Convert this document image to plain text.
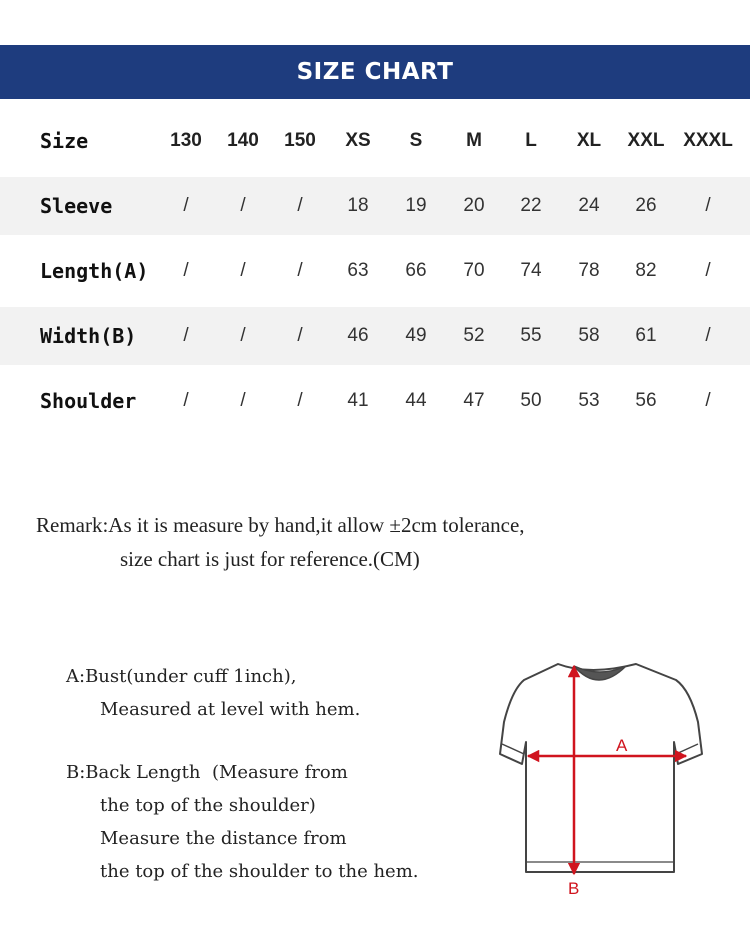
SIZE CHART
Size	130	140	150	XS	S	M	L	XL	XXL XXXL
Sleeve	/	/	/	18	19	20	22	24	26	/
Length(A)	/	/	/	63	66	70	74	78	82	/
Width(B)	/	/	/	46	49	52	55	58	61	/
Shoulder	/	/	/	41	44	47	50	53	56	/
Remark:As it is measure by hand,it allow ±2cm tolerance,
size chart is just for reference.(CM)
A:Bust(under cuff 1inch),
Measured at level with hem.
B:Back Length  (Measure from
the top of the shoulder)
Measure the distance from
the top of the shoulder to the hem.
A
B
